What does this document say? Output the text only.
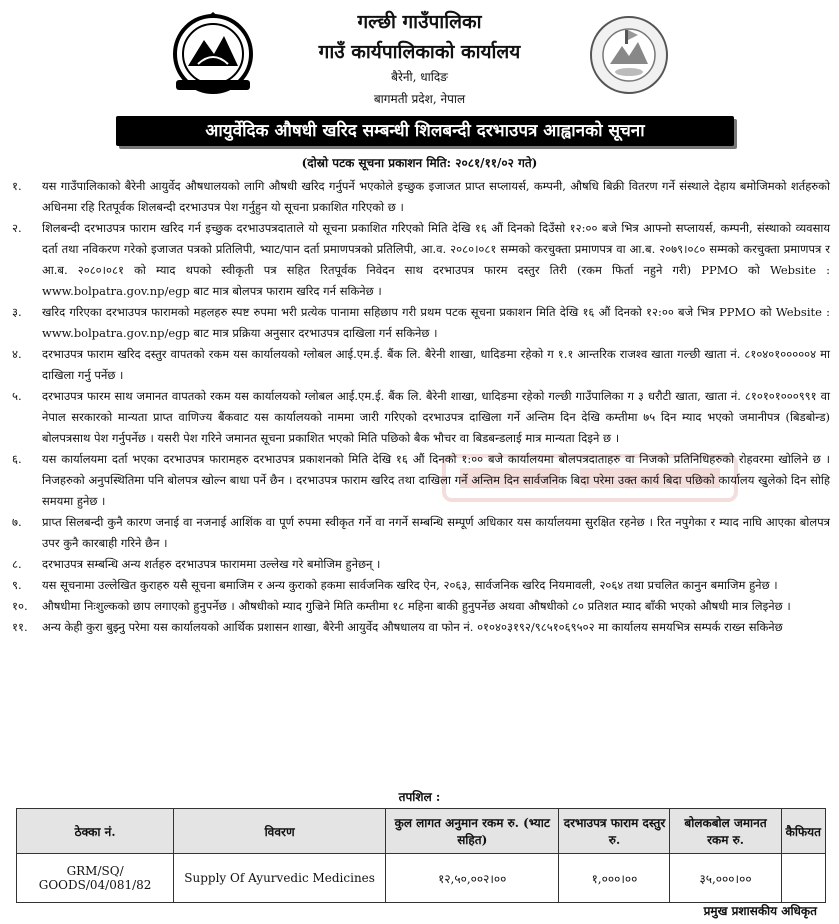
गल्छी गाउँपालिका
गाउँ कार्यपालिकाको कार्यालय
बैरेनी, धादिङ
बागमती प्रदेश, नेपाल
आयुर्वेदिक औषधी खरिद सम्बन्धी शिलबन्दी दरभाउपत्र आह्वानको सूचना
(दोस्रो पटक सूचना प्रकाशन मिति: २०८१/११/०२ गते)
१.	यस गाउँपालिकाको बैरेनी आयुर्वेद औषधालयको लागि औषधी खरिद गर्नुपर्ने भएकोले इच्छुक इजाजत प्राप्त सप्लायर्स, कम्पनी, औषधि बिक्री वितरण गर्ने संस्थाले देहाय बमोजिमको शर्तहरुको अधिनमा रहि रितपूर्वक शिलबन्दी दरभाउपत्र पेश गर्नुहुन यो सूचना प्रकाशित गरिएको छ ।
२.	शिलबन्दी दरभाउपत्र फाराम खरिद गर्न इच्छुक दरभाउपत्रदाताले यो सूचना प्रकाशित गरिएको मिति देखि १६ औं दिनको दिउँसो १२:०० बजे भित्र आफ्नो सप्लायर्स, कम्पनी, संस्थाको व्यवसाय दर्ता तथा नविकरण गरेको इजाजत पत्रको प्रतिलिपी, भ्याट/पान दर्ता प्रमाणपत्रको प्रतिलिपी, आ.व. २०८०।०८१ सम्मको करचुक्ता प्रमाणपत्र वा आ.ब. २०७९।०८० सम्मको करचुक्ता प्रमाणपत्र र आ.ब. २०८०।०८१ को म्याद थपको स्वीकृती पत्र सहित रितपूर्वक निवेदन साथ दरभाउपत्र फारम दस्तुर तिरी (रकम फिर्ता नहुने गरी) PPMO को Website : www.bolpatra.gov.np/egp बाट मात्र बोलपत्र फाराम खरिद गर्न सकिनेछ ।
३.	खरिद गरिएका दरभाउपत्र फारामको महलहरु स्पष्ट रुपमा भरी प्रत्येक पानामा सहिछाप गरी प्रथम पटक सूचना प्रकाशन मिति देखि १६ औं दिनको १२:०० बजे भित्र PPMO को Website : www.bolpatra.gov.np/egp बाट मात्र प्रक्रिया अनुसार दरभाउपत्र दाखिला गर्न सकिनेछ ।
४.	दरभाउपत्र फाराम खरिद दस्तुर वापतको रकम यस कार्यालयको ग्लोबल आई.एम.ई. बैंक लि. बैरेनी शाखा, धादिङमा रहेको ग १.१ आन्तरिक राजश्व खाता गल्छी खाता नं. ८१०४०१०००००४ मा दाखिला गर्नु पर्नेछ ।
५.	दरभाउपत्र फारम साथ जमानत वापतको रकम यस कार्यालयको ग्लोबल आई.एम.ई. बैंक लि. बैरेनी शाखा, धादिङमा रहेको गल्छी गाउँपालिका ग ३ धरौटी खाता, खाता नं. ८१०१०१०००९९१ वा नेपाल सरकारको मान्यता प्राप्त वाणिज्य बैंकवाट यस कार्यालयको नाममा जारी गरिएको दरभाउपत्र दाखिला गर्ने अन्तिम दिन देखि कम्तीमा ७५ दिन म्याद भएको जमानीपत्र (बिडबोन्ड) बोलपत्रसाथ पेश गर्नुपर्नेछ । यसरी पेश गरिने जमानत सूचना प्रकाशित भएको मिति पछिको बैक भौचर वा बिडबन्डलाई मात्र मान्यता दिइने छ ।
६.	यस कार्यालयमा दर्ता भएका दरभाउपत्र फारामहरु दरभाउपत्र प्रकाशनको मिति देखि १६ औं दिनको १:०० बजे कार्यालयमा बोलपत्रदाताहरु वा निजको प्रतिनिधिहरुको रोहवरमा खोलिने छ । निजहरुको अनुपस्थितिमा पनि बोलपत्र खोल्न बाधा पर्ने छैन । दरभाउपत्र फाराम खरिद तथा दाखिला गर्ने अन्तिम दिन सार्वजनिक बिदा परेमा उक्त कार्य बिदा पछिको कार्यालय खुलेको दिन सोहि समयमा हुनेछ ।
७.	प्राप्त सिलबन्दी कुनै कारण जनाई वा नजनाई आशिंक वा पूर्ण रुपमा स्वीकृत गर्ने वा नगर्ने सम्बन्धि सम्पूर्ण अधिकार यस कार्यालयमा सुरक्षित रहनेछ । रित नपुगेका र म्याद नाघि आएका बोलपत्र उपर कुनै कारबाही गरिने छैन ।
८.	दरभाउपत्र सम्बन्धि अन्य शर्तहरु दरभाउपत्र फाराममा उल्लेख गरे बमोजिम हुनेछन् ।
९.	यस सूचनामा उल्लेखित कुराहरु यसै सूचना बमाजिम र अन्य कुराको हकमा सार्वजनिक खरिद ऐन, २०६३, सार्वजनिक खरिद नियमावली, २०६४ तथा प्रचलित कानुन बमाजिम हुनेछ ।
१०.	औषधीमा निःशुल्कको छाप लगाएको हुनुपर्नेछ । औषधीको म्याद गुज्रिने मिति कम्तीमा १८ महिना बाकी हुनुपर्नेछ अथवा औषधीको ८० प्रतिशत म्याद बाँकी भएको औषधी मात्र लिइनेछ ।
११.	अन्य केही कुरा बुझ्नु परेमा यस कार्यालयको आर्थिक प्रशासन शाखा, बैरेनी आयुर्वेद औषधालय वा फोन नं. ०१०४०३१९२/९८५१०६९५०२ मा कार्यालय समयभित्र सम्पर्क राख्न सकिनेछ
तपशिल :
ठेक्का नं.	विवरण	कुल लागत अनुमान रकम रु. (भ्याट सहित)	दरभाउपत्र फाराम दस्तुर रु.	बोलकबोल जमानत रकम रु.	कैफियत
GRM/SQ/ GOODS/04/081/82	Supply Of Ayurvedic Medicines	१२,५०,००२।००	१,०००।००	३५,०००।००	
प्रमुख प्रशासकीय अधिकृत
